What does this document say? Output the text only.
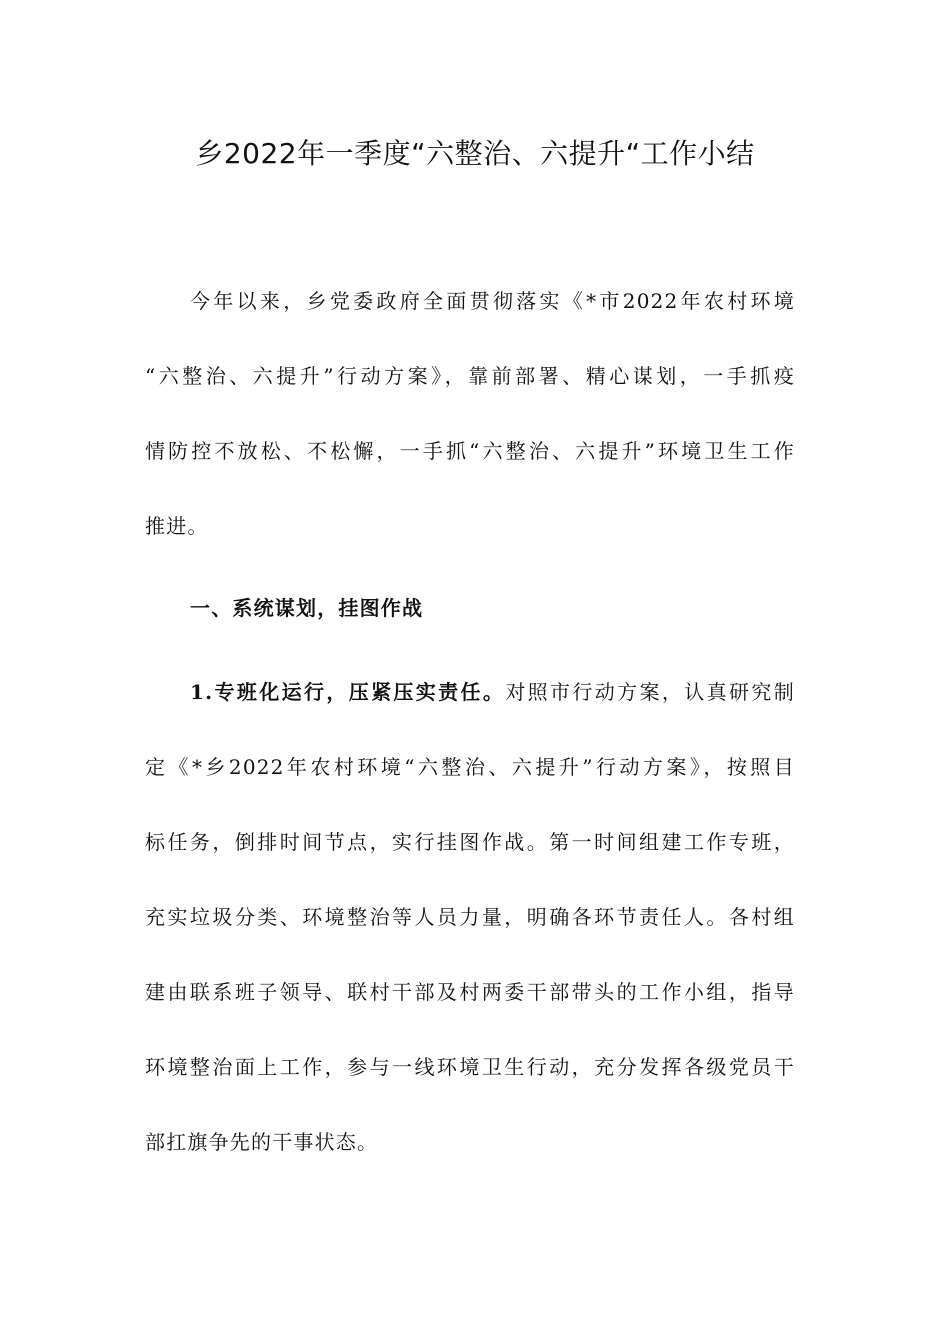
乡2022年一季度“六整治、六提升“工作小结
今年以来，乡党委政府全面贯彻落实《*市2022年农村环境
“六整治、六提升”行动方案》，靠前部署、精心谋划，一手抓疫
情防控不放松、不松懈，一手抓“六整治、六提升”环境卫生工作
推进。
一、系统谋划，挂图作战
1.专班化运行，压紧压实责任。对照市行动方案，认真研究制
定《*乡2022年农村环境“六整治、六提升”行动方案》，按照目
标任务，倒排时间节点，实行挂图作战。第一时间组建工作专班，
充实垃圾分类、环境整治等人员力量，明确各环节责任人。各村组
建由联系班子领导、联村干部及村两委干部带头的工作小组，指导
环境整治面上工作，参与一线环境卫生行动，充分发挥各级党员干
部扛旗争先的干事状态。
